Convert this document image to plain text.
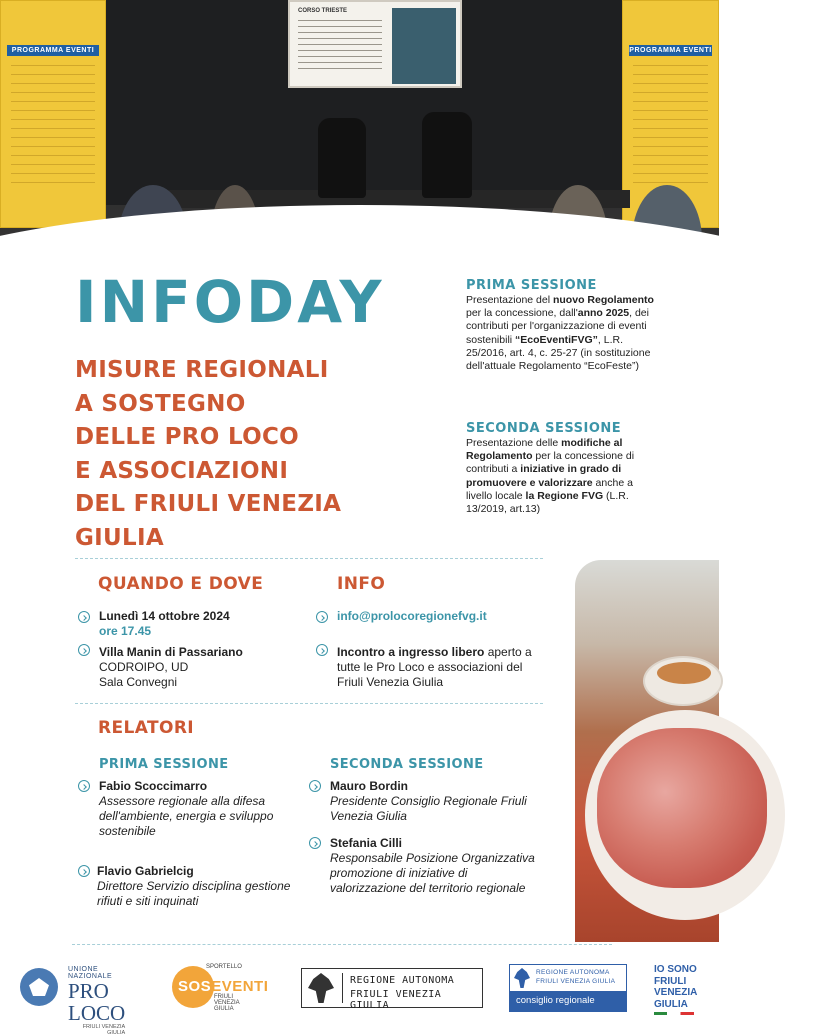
PROGRAMMA EVENTI	PROGRAMMA EVENTI
CORSO TRIESTE
INFODAY
MISURE REGIONALI
A SOSTEGNO
DELLE PRO LOCO
E ASSOCIAZIONI
DEL FRIULI VENEZIA GIULIA
PRIMA SESSIONE

Presentazione del nuovo Regolamento per la concessione, dall'anno 2025, dei contributi per l'organizzazione di eventi sostenibili “EcoEventiFVG”, L.R. 25/2016, art. 4, c. 25-27 (in sostituzione dell'attuale Regolamento “EcoFeste”)

SECONDA SESSIONE

Presentazione delle modifiche al Regolamento per la concessione di contributi a iniziative in grado di promuovere e valorizzare anche a livello locale la Regione FVG (L.R. 13/2019, art.13)

QUANDO E DOVE
Lunedì 14 ottobre 2024
ore 17.45
Villa Manin di Passariano
CODROIPO, UD
Sala Convegni
INFO
info@prolocoregionefvg.it
Incontro a ingresso libero aperto a tutte le Pro Loco e associazioni del Friuli Venezia Giulia
RELATORI
PRIMA SESSIONE	SECONDA SESSIONE
Fabio Scoccimarro
Assessore regionale alla difesa dell'ambiente, energia e sviluppo sostenibile
Flavio Gabrielcig
Direttore Servizio disciplina gestione rifiuti e siti inquinati
Mauro Bordin
Presidente Consiglio Regionale Friuli Venezia Giulia
Stefania Cilli
Responsabile Posizione Organizzativa promozione di iniziative di valorizzazione del territorio regionale
UNIONE NAZIONALE
PRO LOCO
FRIULI VENEZIA GIULIA
SPORTELLO
SOSEVENTI
FRIULI VENEZIA GIULIA
REGIONE AUTONOMA
FRIULI VENEZIA GIULIA
REGIONE AUTONOMA
FRIULI VENEZIA GIULIA
consiglio regionale
IO SONO
FRIULI
VENEZIA
GIULIA
